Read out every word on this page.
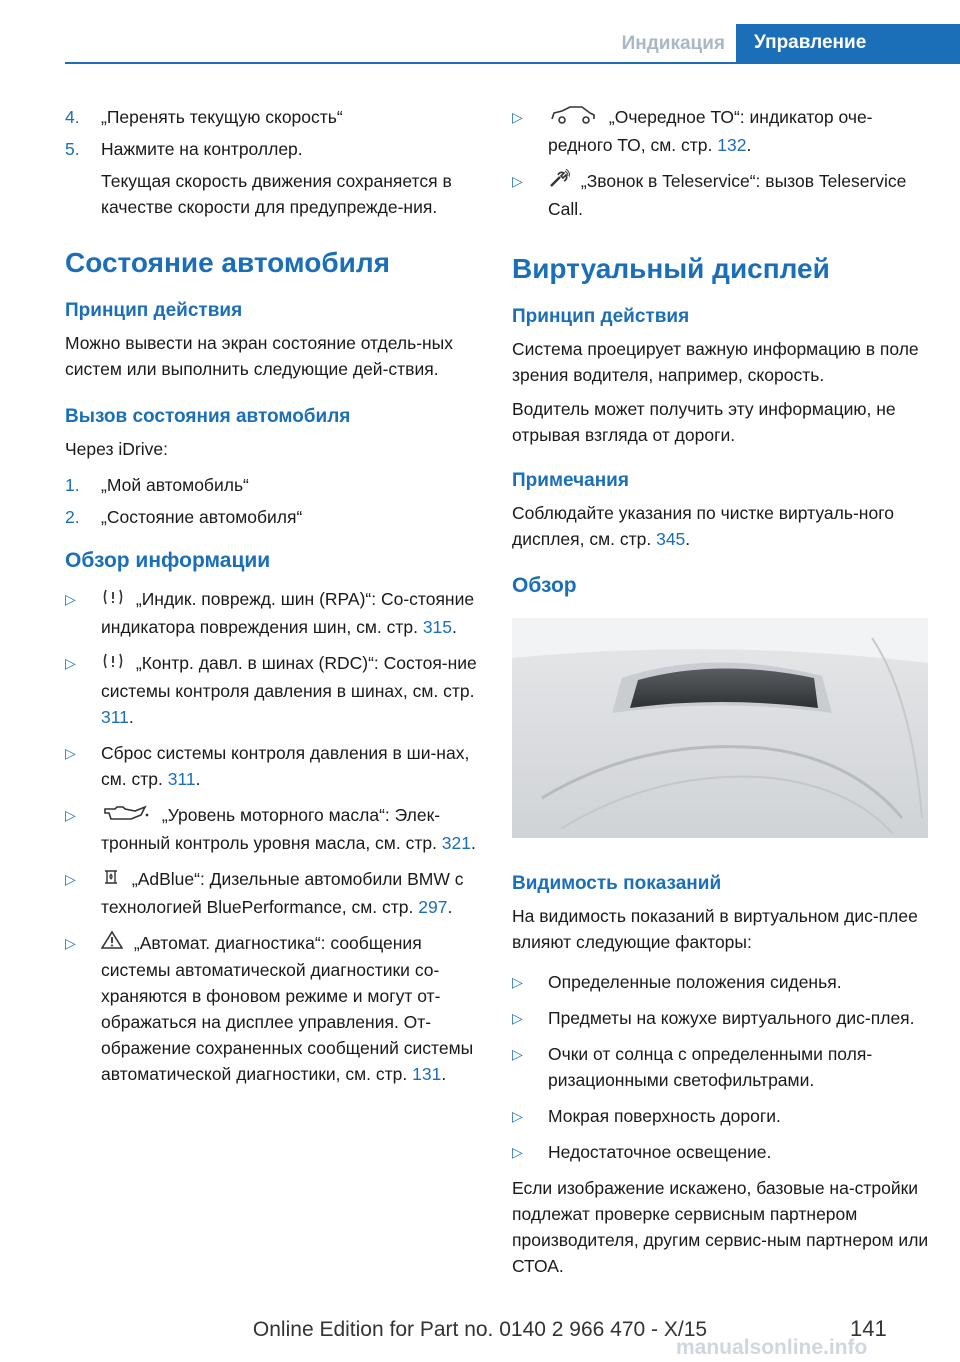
Индикация	Управление
4. „Перенять текущую скорость“
5. Нажмите на контроллер.
Текущая скорость движения сохраняется в качестве скорости для предупрежде-ния.
Состояние автомобиля
Принцип действия
Можно вывести на экран состояние отдель-ных систем или выполнить следующие дей-ствия.
Вызов состояния автомобиля
Через iDrive:
1. „Мой автомобиль“
2. „Состояние автомобиля“
Обзор информации
▷	„Индик. поврежд. шин (RPA)“: Со-стояние индикатора повреждения шин, см. стр. 315.
▷	„Контр. давл. в шинах (RDC)“: Состоя-ние системы контроля давления в шинах, см. стр. 311.
▷ Сброс системы контроля давления в ши-нах, см. стр. 311.
▷	„Уровень моторного масла“: Элек-тронный контроль уровня масла, см. стр. 321.
▷	„AdBlue“: Дизельные автомобили BMW с технологией BluePerformance, см. стр. 297.
▷	„Автомат. диагностика“: сообщения системы автоматической диагностики со-храняются в фоновом режиме и могут от-ображаться на дисплее управления. От-ображение сохраненных сообщений системы автоматической диагностики, см. стр. 131.
▷	„Очередное ТО“: индикатор оче-редного ТО, см. стр. 132.
▷	„Звонок в Teleservice“: вызов Teleservice Call.
Виртуальный дисплей
Принцип действия
Система проецирует важную информацию в поле зрения водителя, например, скорость.
Водитель может получить эту информацию, не отрывая взгляда от дороги.
Примечания
Соблюдайте указания по чистке виртуаль-ного дисплея, см. стр. 345.
Обзор
Видимость показаний
На видимость показаний в виртуальном дис-плее влияют следующие факторы:
▷ Определенные положения сиденья.
▷ Предметы на кожухе виртуального дис-плея.
▷ Очки от солнца с определенными поля-ризационными светофильтрами.
▷ Мокрая поверхность дороги.
▷ Недостаточное освещение.
Если изображение искажено, базовые на-стройки подлежат проверке сервисным партнером производителя, другим сервис-ным партнером или СТОА.
141
Online Edition for Part no. 0140 2 966 470 - X/15
manualsonline.info
